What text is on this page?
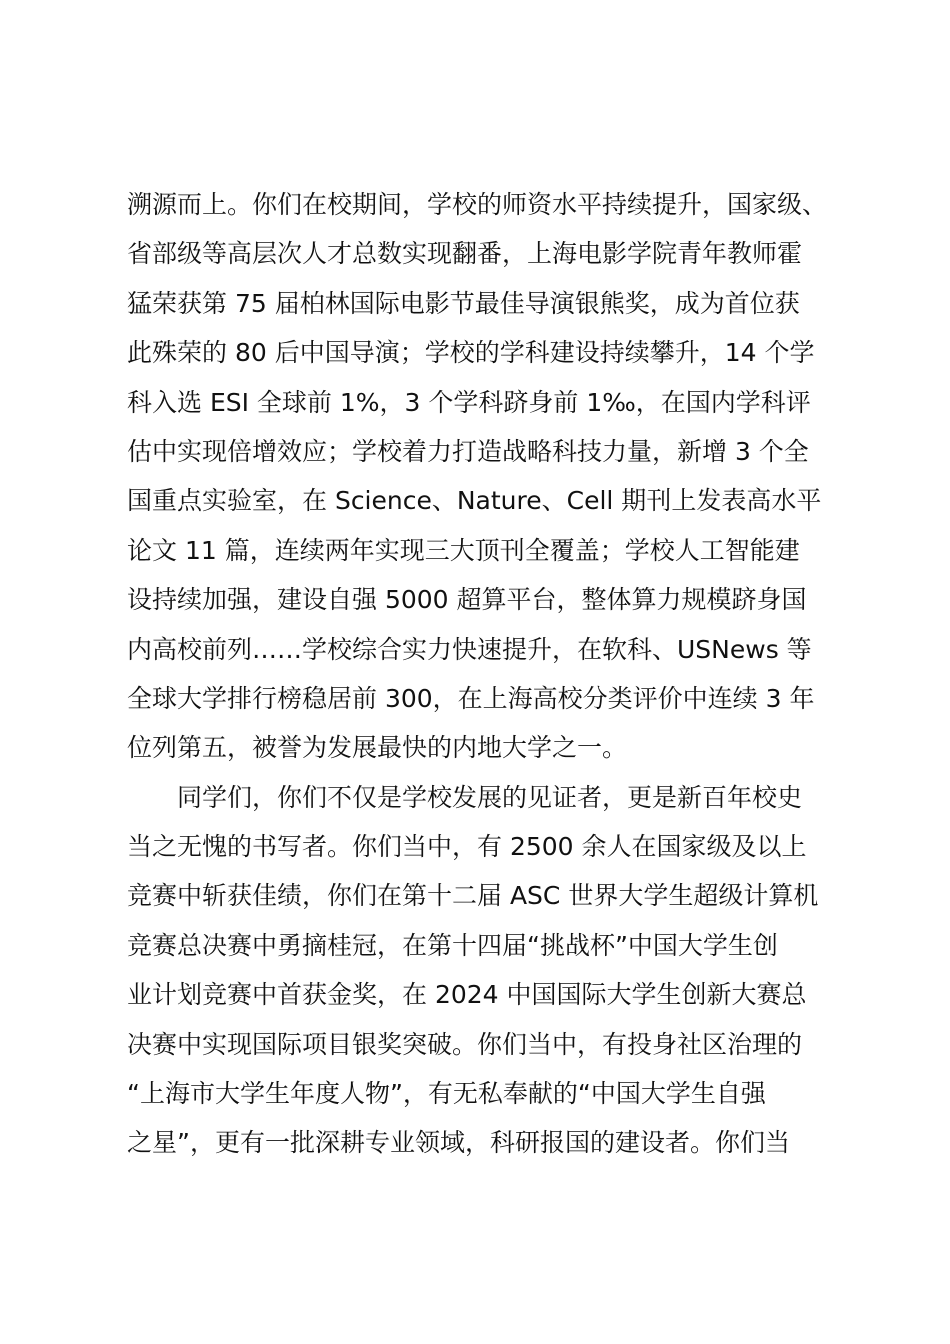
溯源而上。你们在校期间，学校的师资水平持续提升，国家级、
省部级等高层次人才总数实现翻番，上海电影学院青年教师霍
猛荣获第 75 届柏林国际电影节最佳导演银熊奖，成为首位获
此殊荣的 80 后中国导演；学校的学科建设持续攀升，14 个学
科入选 ESI 全球前 1%，3 个学科跻身前 1‰，在国内学科评
估中实现倍增效应；学校着力打造战略科技力量，新增 3 个全
国重点实验室，在 Science、Nature、Cell 期刊上发表高水平
论文 11 篇，连续两年实现三大顶刊全覆盖；学校人工智能建
设持续加强，建设自强 5000 超算平台，整体算力规模跻身国
内高校前列……学校综合实力快速提升，在软科、USNews 等
全球大学排行榜稳居前 300，在上海高校分类评价中连续 3 年
位列第五，被誉为发展最快的内地大学之一。
同学们，你们不仅是学校发展的见证者，更是新百年校史
当之无愧的书写者。你们当中，有 2500 余人在国家级及以上
竞赛中斩获佳绩，你们在第十二届 ASC 世界大学生超级计算机
竞赛总决赛中勇摘桂冠，在第十四届“挑战杯”中国大学生创
业计划竞赛中首获金奖，在 2024 中国国际大学生创新大赛总
决赛中实现国际项目银奖突破。你们当中，有投身社区治理的
“上海市大学生年度人物”，有无私奉献的“中国大学生自强
之星”，更有一批深耕专业领域，科研报国的建设者。你们当
